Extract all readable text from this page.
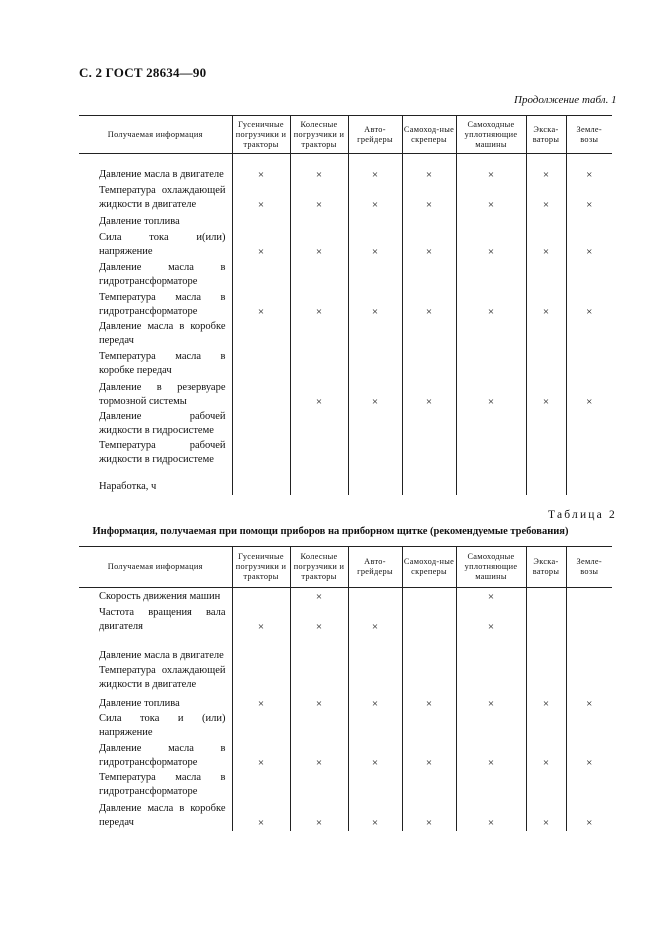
С. 2 ГОСТ 28634—90
Продолжение табл. 1
Получаемая информация	Гусеничные погрузчики и тракторы	Колесные погрузчики и тракторы	Авто-грейдеры	Самоход-ные скреперы	Самоходные уплотняющие машины	Экска-ваторы	Земле-возы
Давление масла в двигателе	×	×	×	×	×	×	×
Температура охлаждающей жидкости в двигателе	×	×	×	×	×	×	×
Давление топлива							
Сила тока и(или) напряжение	×	×	×	×	×	×	×
Давление масла в гидротрансформаторе							
Температура масла в гидротрансформаторе	×	×	×	×	×	×	×
Давление масла в коробке передач							
Температура масла в коробке передач							
Давление в резервуаре тормозной системы		×	×	×	×	×	×
Давление рабочей жидкости в гидросистеме							
Температура рабочей жидкости в гидросистеме							
Наработка, ч							
Таблица 2
Информация, получаемая при помощи приборов на приборном щитке (рекомендуемые требования)
Получаемая информация	Гусеничные погрузчики и тракторы	Колесные погрузчики и тракторы	Авто-грейдеры	Самоход-ные скреперы	Самоходные уплотняющие машины	Экска-ваторы	Земле-возы
Скорость движения машин		×			×		
Частота вращения вала двигателя	×	×	×		×		
Давление масла в двигателе							
Температура охлаждающей жидкости в двигателе							
Давление топлива	×	×	×	×	×	×	×
Сила тока и (или) напряжение							
Давление масла в гидротрансформаторе	×	×	×	×	×	×	×
Температура масла в гидротрансформаторе							
Давление масла в коробке передач	×	×	×	×	×	×	×
